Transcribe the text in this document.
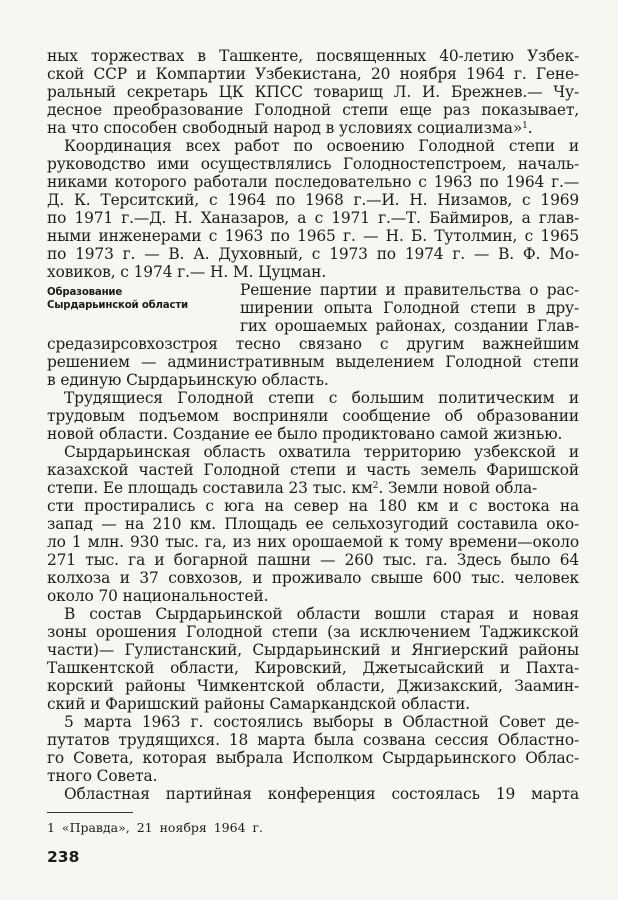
ных торжествах в Ташкенте, посвященных 40-летию Узбек-
ской ССР и Компартии Узбекистана, 20 ноября 1964 г. Гене-
ральный секретарь ЦК КПСС товарищ Л. И. Брежнев.— Чу-
десное преобразование Голодной степи еще раз показывает,
на что способен свободный народ в условиях социализма»$^1$.
Координация всех работ по освоению Голодной степи и
руководство ими осуществлялись Голодностепстроем, началь-
никами которого работали последовательно с 1963 по 1964 г.—
Д. К. Терситский, с 1964 по 1968 г.—И. Н. Низамов, с 1969
по 1971 г.—Д. Н. Ханазаров, а с 1971 г.—Т. Баймиров, а глав-
ными инженерами с 1963 по 1965 г. — Н. Б. Тутолмин, с 1965
по 1973 г. — В. А. Духовный, с 1973 по 1974 г. — В. Ф. Мо-
ховиков, с 1974 г.— Н. М. Цуцман.
Образование
Сырдарьинской области
Решение партии и правительства о рас-
ширении опыта Голодной степи в дру-
гих орошаемых районах, создании Глав-
средазирсовхозстроя тесно связано с другим важнейшим
решением — административным выделением Голодной степи
в единую Сырдарьинскую область.
Трудящиеся Голодной степи с большим политическим и
трудовым подъемом восприняли сообщение об образовании
новой области. Создание ее было продиктовано самой жизнью.
Сырдарьинская область охватила территорию узбекской и
казахской частей Голодной степи и часть земель Фаришской
степи. Ее площадь составила 23 тыс. $км^2$. Земли новой обла-
сти простирались с юга на север на 180 км и с востока на
запад — на 210 км. Площадь ее сельхозугодий составила око-
ло 1 млн. 930 тыс. га, из них орошаемой к тому времени—около
271 тыс. га и богарной пашни — 260 тыс. га. Здесь было 64
колхоза и 37 совхозов, и проживало свыше 600 тыс. человек
около 70 национальностей.
В состав Сырдарьинской области вошли старая и новая
зоны орошения Голодной степи (за исключением Таджикской
части)— Гулистанский, Сырдарьинский и Янгиерский районы
Ташкентской области, Кировский, Джетысайский и Пахта-
корский районы Чимкентской области, Джизакский, Заамин-
ский и Фаришский районы Самаркандской области.
5 марта 1963 г. состоялись выборы в Областной Совет де-
путатов трудящихся. 18 марта была созвана сессия Областно-
го Совета, которая выбрала Исполком Сырдарьинского Облас-
тного Совета.
Областная партийная конференция состоялась 19 марта
1 «Правда», 21 ноября 1964 г.
238
